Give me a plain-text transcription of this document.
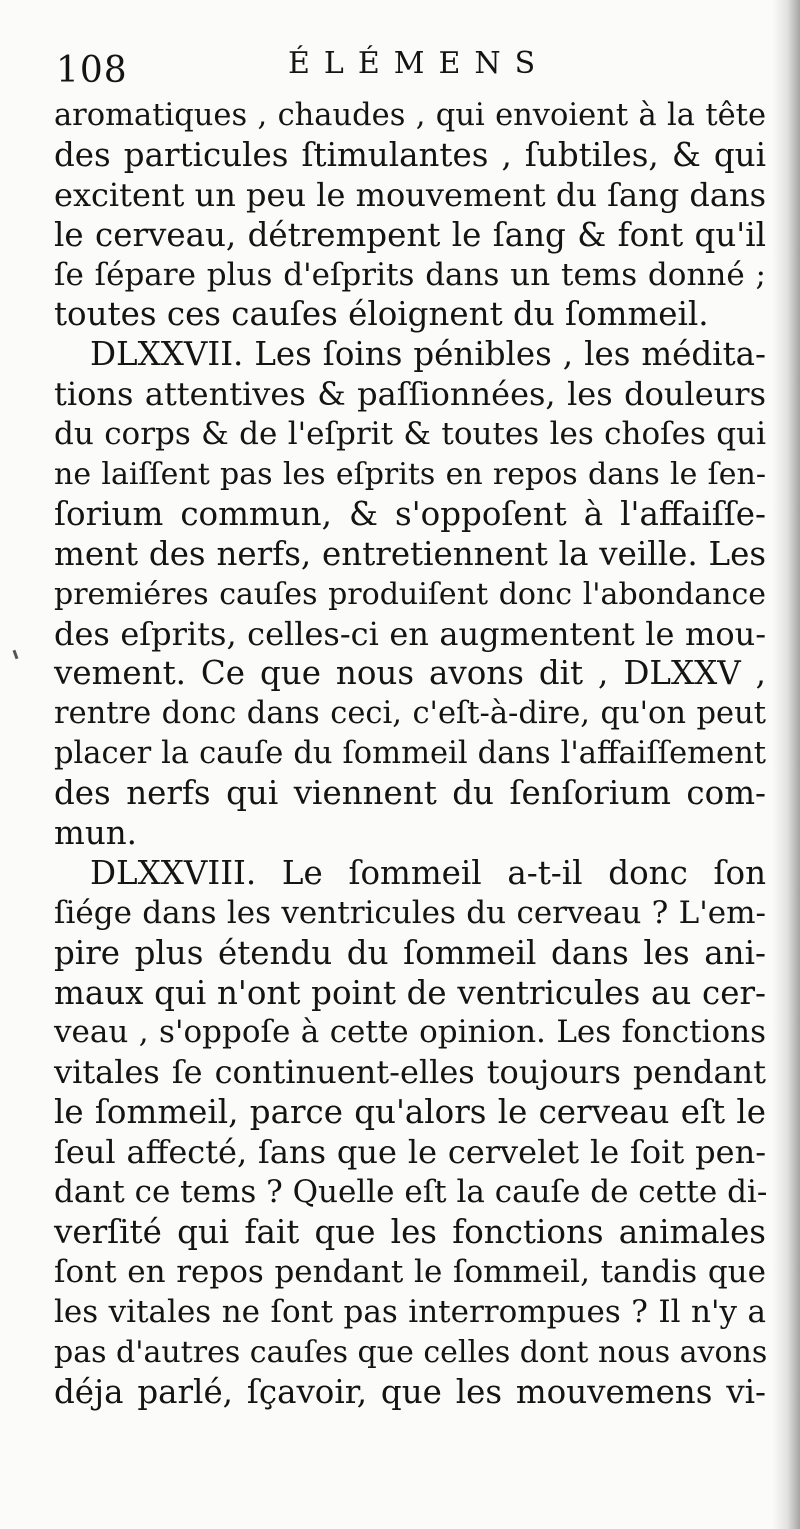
108	ÉLÉMENS
aromatiques , chaudes , qui envoient à la tête
des particules ſtimulantes , ſubtiles, & qui
excitent un peu le mouvement du ſang dans
le cerveau, détrempent le ſang & font qu'il
ſe ſépare plus d'eſprits dans un tems donné ;
toutes ces cauſes éloignent du ſommeil.
DLXXVII. Les ſoins pénibles , les médita-
tions attentives & paſſionnées, les douleurs
du corps & de l'eſprit & toutes les choſes qui
ne laiſſent pas les eſprits en repos dans le ſen-
ſorium commun, & s'oppoſent à l'affaiſſe-
ment des nerfs, entretiennent la veille. Les
premiéres cauſes produiſent donc l'abondance
des eſprits, celles-ci en augmentent le mou-
vement. Ce que nous avons dit , DLXXV ,
rentre donc dans ceci, c'eſt-à-dire, qu'on peut
placer la cauſe du ſommeil dans l'affaiſſement
des nerfs qui viennent du ſenſorium com-
mun.
DLXXVIII. Le ſommeil a-t-il donc ſon
ſiége dans les ventricules du cerveau ? L'em-
pire plus étendu du ſommeil dans les ani-
maux qui n'ont point de ventricules au cer-
veau , s'oppoſe à cette opinion. Les fonctions
vitales ſe continuent-elles toujours pendant
le ſommeil, parce qu'alors le cerveau eſt le
ſeul affecté, ſans que le cervelet le ſoit pen-
dant ce tems ? Quelle eſt la cauſe de cette di-
verſité qui fait que les fonctions animales
ſont en repos pendant le ſommeil, tandis que
les vitales ne ſont pas interrompues ? Il n'y a
pas d'autres cauſes que celles dont nous avons
déja parlé, ſçavoir, que les mouvemens vi-
